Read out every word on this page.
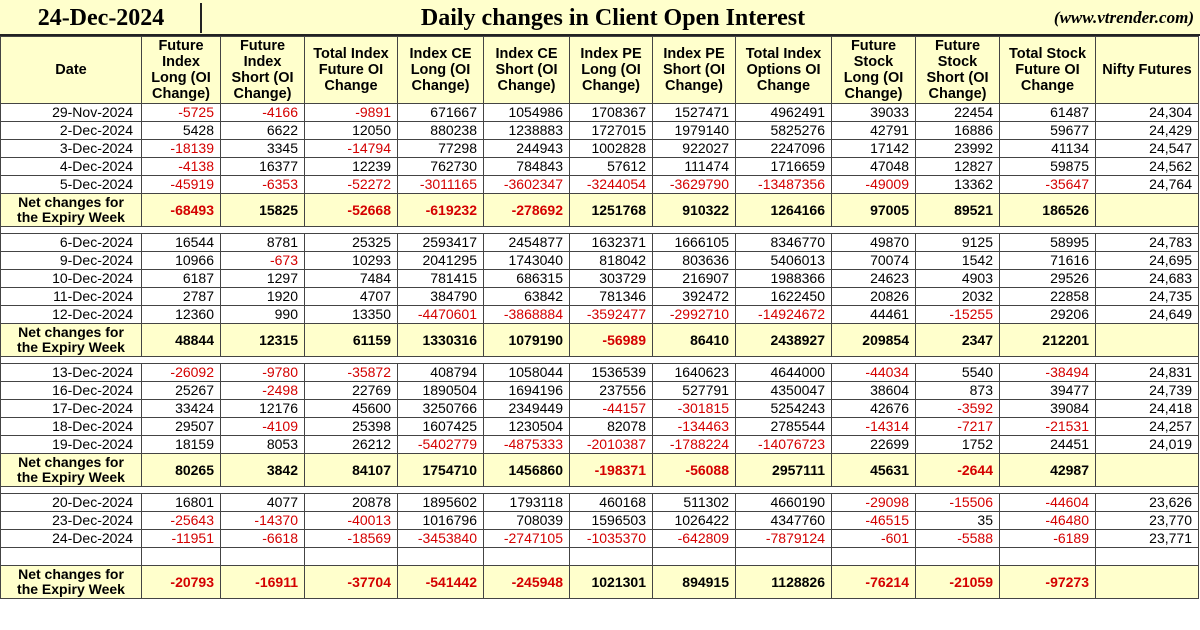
24-Dec-2024	Daily changes in Client Open Interest	(www.vtrender.com)
Date	Future Index Long (OI Change)	Future Index Short (OI Change)	Total Index Future OI Change	Index CE Long (OI Change)	Index CE Short (OI Change)	Index PE Long (OI Change)	Index PE Short (OI Change)	Total Index Options OI Change	Future Stock Long (OI Change)	Future Stock Short (OI Change)	Total Stock Future OI Change	Nifty Futures
29-Nov-2024	-5725	-4166	-9891	671667	1054986	1708367	1527471	4962491	39033	22454	61487	24,304
2-Dec-2024	5428	6622	12050	880238	1238883	1727015	1979140	5825276	42791	16886	59677	24,429
3-Dec-2024	-18139	3345	-14794	77298	244943	1002828	922027	2247096	17142	23992	41134	24,547
4-Dec-2024	-4138	16377	12239	762730	784843	57612	111474	1716659	47048	12827	59875	24,562
5-Dec-2024	-45919	-6353	-52272	-3011165	-3602347	-3244054	-3629790	-13487356	-49009	13362	-35647	24,764
Net changes for the Expiry Week	-68493	15825	-52668	-619232	-278692	1251768	910322	1264166	97005	89521	186526	

6-Dec-2024	16544	8781	25325	2593417	2454877	1632371	1666105	8346770	49870	9125	58995	24,783
9-Dec-2024	10966	-673	10293	2041295	1743040	818042	803636	5406013	70074	1542	71616	24,695
10-Dec-2024	6187	1297	7484	781415	686315	303729	216907	1988366	24623	4903	29526	24,683
11-Dec-2024	2787	1920	4707	384790	63842	781346	392472	1622450	20826	2032	22858	24,735
12-Dec-2024	12360	990	13350	-4470601	-3868884	-3592477	-2992710	-14924672	44461	-15255	29206	24,649
Net changes for the Expiry Week	48844	12315	61159	1330316	1079190	-56989	86410	2438927	209854	2347	212201	

13-Dec-2024	-26092	-9780	-35872	408794	1058044	1536539	1640623	4644000	-44034	5540	-38494	24,831
16-Dec-2024	25267	-2498	22769	1890504	1694196	237556	527791	4350047	38604	873	39477	24,739
17-Dec-2024	33424	12176	45600	3250766	2349449	-44157	-301815	5254243	42676	-3592	39084	24,418
18-Dec-2024	29507	-4109	25398	1607425	1230504	82078	-134463	2785544	-14314	-7217	-21531	24,257
19-Dec-2024	18159	8053	26212	-5402779	-4875333	-2010387	-1788224	-14076723	22699	1752	24451	24,019
Net changes for the Expiry Week	80265	3842	84107	1754710	1456860	-198371	-56088	2957111	45631	-2644	42987	

20-Dec-2024	16801	4077	20878	1895602	1793118	460168	511302	4660190	-29098	-15506	-44604	23,626
23-Dec-2024	-25643	-14370	-40013	1016796	708039	1596503	1026422	4347760	-46515	35	-46480	23,770
24-Dec-2024	-11951	-6618	-18569	-3453840	-2747105	-1035370	-642809	-7879124	-601	-5588	-6189	23,771

Net changes for the Expiry Week	-20793	-16911	-37704	-541442	-245948	1021301	894915	1128826	-76214	-21059	-97273	
